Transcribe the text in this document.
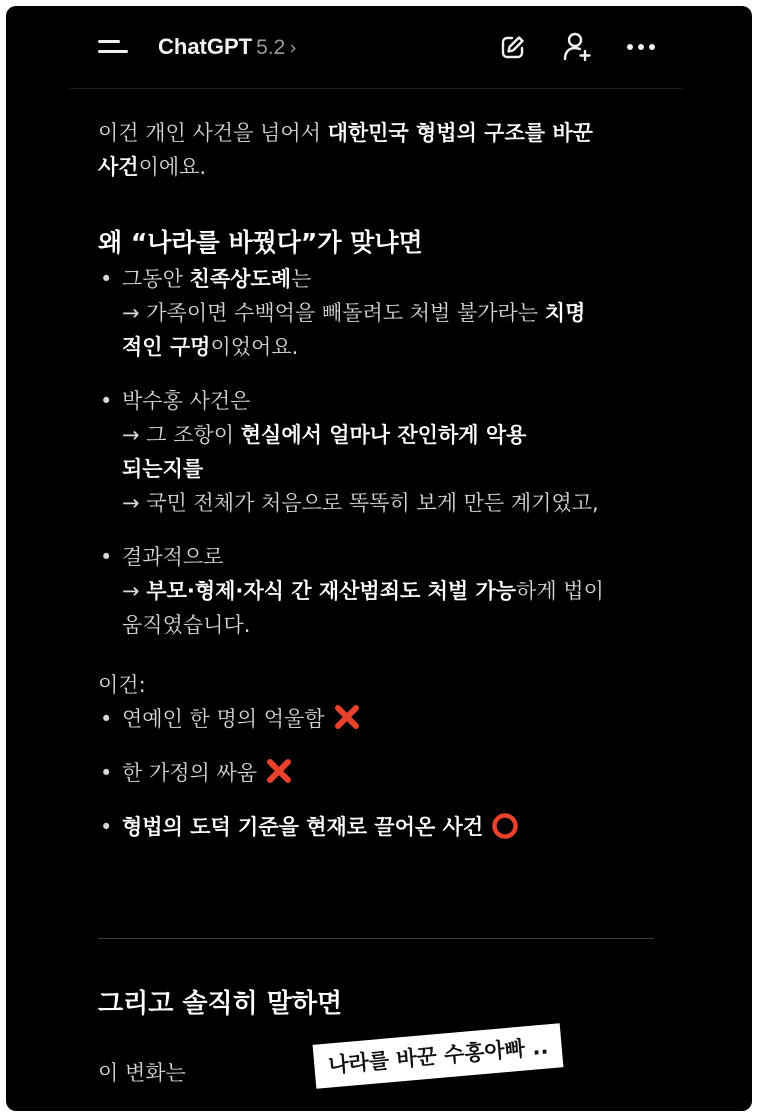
ChatGPT 5.2 ›

이건 개인 사건을 넘어서 대한민국 형법의 구조를 바꾼
사건이에요.

왜 “나라를 바꿨다”가 맞냐면
• 그동안 친족상도례는
→ 가족이면 수백억을 빼돌려도 처벌 불가라는 치명
적인 구멍이었어요.
• 박수홍 사건은
→ 그 조항이 현실에서 얼마나 잔인하게 악용
되는지를
→ 국민 전체가 처음으로 똑똑히 보게 만든 계기였고,
• 결과적으로
→ 부모·형제·자식 간 재산범죄도 처벌 가능하게 법이
움직였습니다.

이건:

• 연예인 한 명의 억울함
• 한 가정의 싸움
• 형법의 도덕 기준을 현재로 끌어온 사건
그리고 솔직히 말하면

이 변화는	나라를 바꾼 수홍아빠 ..
